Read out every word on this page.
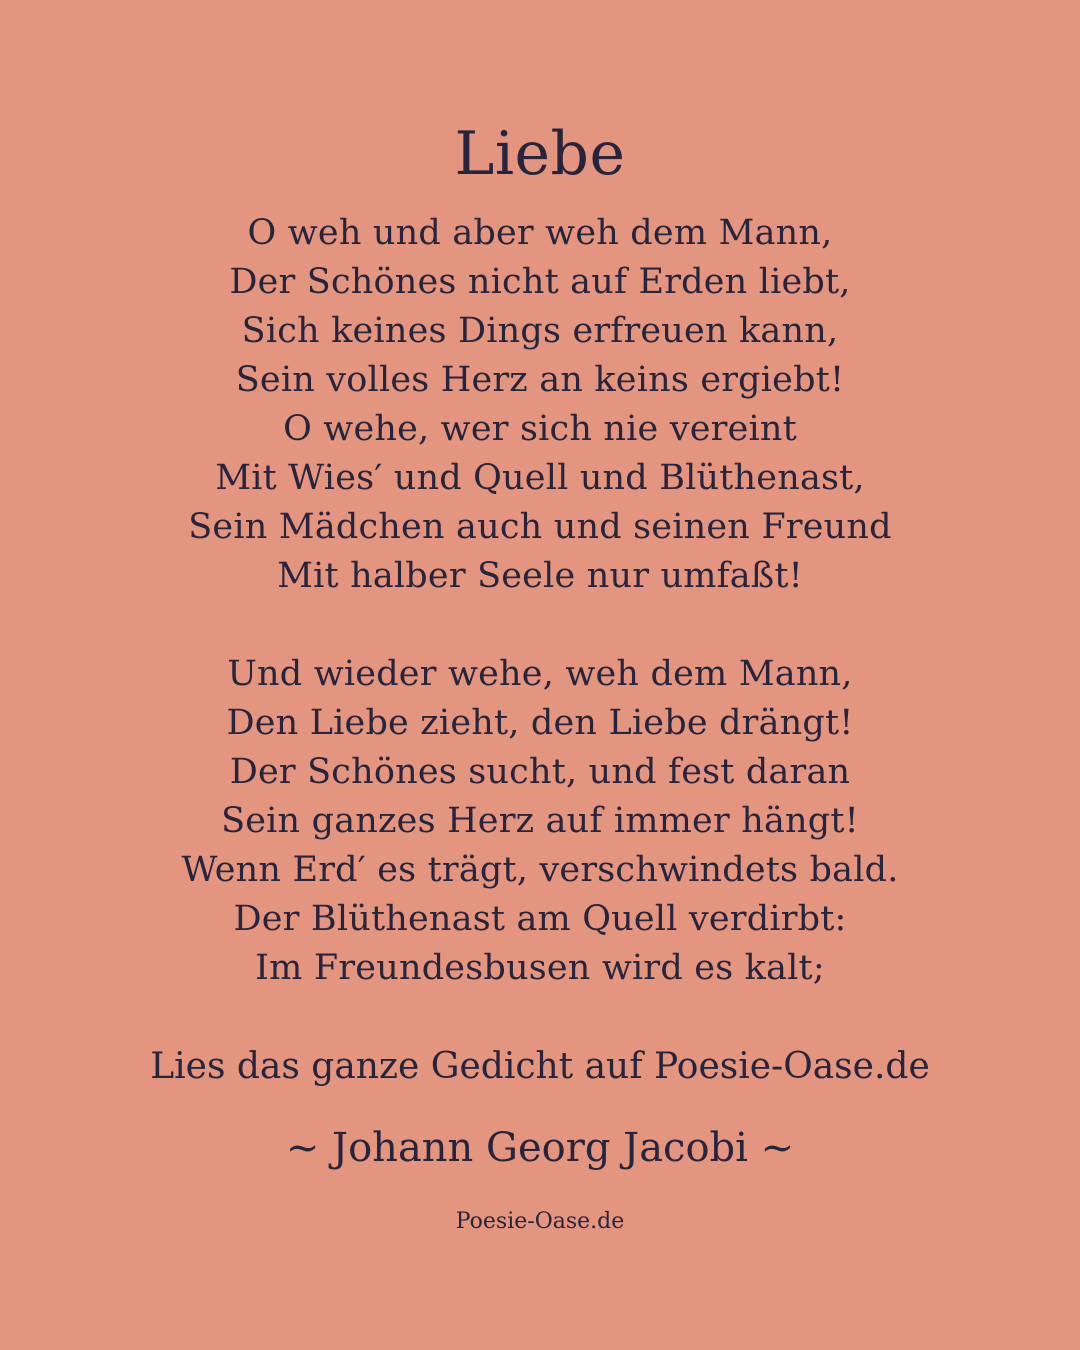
Liebe
O weh und aber weh dem Mann,
Der Schönes nicht auf Erden liebt,
Sich keines Dings erfreuen kann,
Sein volles Herz an keins ergiebt!
O wehe, wer sich nie vereint
Mit Wies′ und Quell und Blüthenast,
Sein Mädchen auch und seinen Freund
Mit halber Seele nur umfaßt!
Und wieder wehe, weh dem Mann,
Den Liebe zieht, den Liebe drängt!
Der Schönes sucht, und fest daran
Sein ganzes Herz auf immer hängt!
Wenn Erd′ es trägt, verschwindets bald.
Der Blüthenast am Quell verdirbt:
Im Freundesbusen wird es kalt;
Lies das ganze Gedicht auf Poesie-Oase.de
~ Johann Georg Jacobi ~
Poesie-Oase.de
